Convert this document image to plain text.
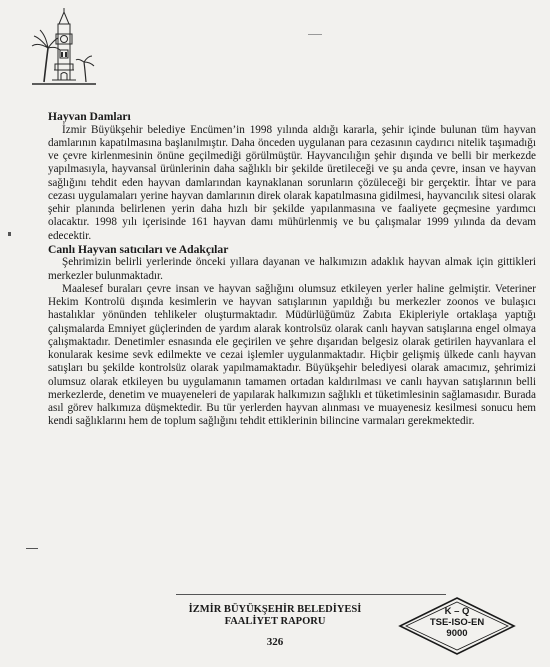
Hayvan Damları

İzmir Büyükşehir belediye Encümen’in 1998 yılında aldığı kararla, şehir içinde bulunan tüm hayvan damlarının kapatılmasına başlanılmıştır. Daha önceden uygulanan para cezasının caydırıcı nitelik taşımadığı ve çevre kirlenmesinin önüne geçilmediği görülmüştür. Hayvancılığın şehir dışında ve belli bir merkezde yapılmasıyla, hayvansal ürünlerinin daha sağlıklı bir şekilde üretileceği ve şu anda çevre, insan ve hayvan sağlığını tehdit eden hayvan damlarından kaynaklanan sorunların çözüleceği bir gerçektir. İhtar ve para cezası uygulamaları yerine hayvan damlarının direk olarak kapatılmasına gidilmesi, hayvancılık sitesi olarak şehir planında belirlenen yerin daha hızlı bir şekilde yapılanmasına ve faaliyete geçmesine yardımcı olacaktır. 1998 yılı içerisinde 161 hayvan damı mühürlenmiş ve bu çalışmalar 1999 yılında da devam edecektir.

Canlı Hayvan satıcıları ve Adakçılar

Şehrimizin belirli yerlerinde önceki yıllara dayanan ve halkımızın adaklık hayvan almak için gittikleri merkezler bulunmaktadır.

Maalesef buraları çevre insan ve hayvan sağlığını olumsuz etkileyen yerler haline gelmiştir. Veteriner Hekim Kontrolü dışında kesimlerin ve hayvan satışlarının yapıldığı bu merkezler zoonos ve bulaşıcı hastalıklar yönünden tehlikeler oluşturmaktadır. Müdürlüğümüz Zabıta Ekipleriyle ortaklaşa yaptığı çalışmalarda Emniyet güçlerinden de yardım alarak kontrolsüz olarak canlı hayvan satışlarına engel olmaya çalışmaktadır. Denetimler esnasında ele geçirilen ve şehre dışarıdan belgesiz olarak getirilen hayvanlara el konularak kesime sevk edilmekte ve cezai işlemler uygulanmaktadır. Hiçbir gelişmiş ülkede canlı hayvan satışları bu şekilde kontrolsüz olarak yapılmamaktadır. Büyükşehir belediyesi olarak amacımız, şehrimizi olumsuz olarak etkileyen bu uygulamanın tamamen ortadan kaldırılması ve canlı hayvan satışlarının belli merkezlerde, denetim ve muayeneleri de yapılarak halkımızın sağlıklı et tüketimlesinin sağlamasıdır. Burada asıl görev halkımıza düşmektedir. Bu tür yerlerden hayvan alınması ve muayenesiz kesilmesi sonucu hem kendi sağlıklarını hem de toplum sağlığını tehdit ettiklerinin bilincine varmaları gerekmektedir.

İZMİR BÜYÜKŞEHİR BELEDİYESİ
FAALİYET RAPORU
326
K – Q
TSE-ISO-EN
9000
